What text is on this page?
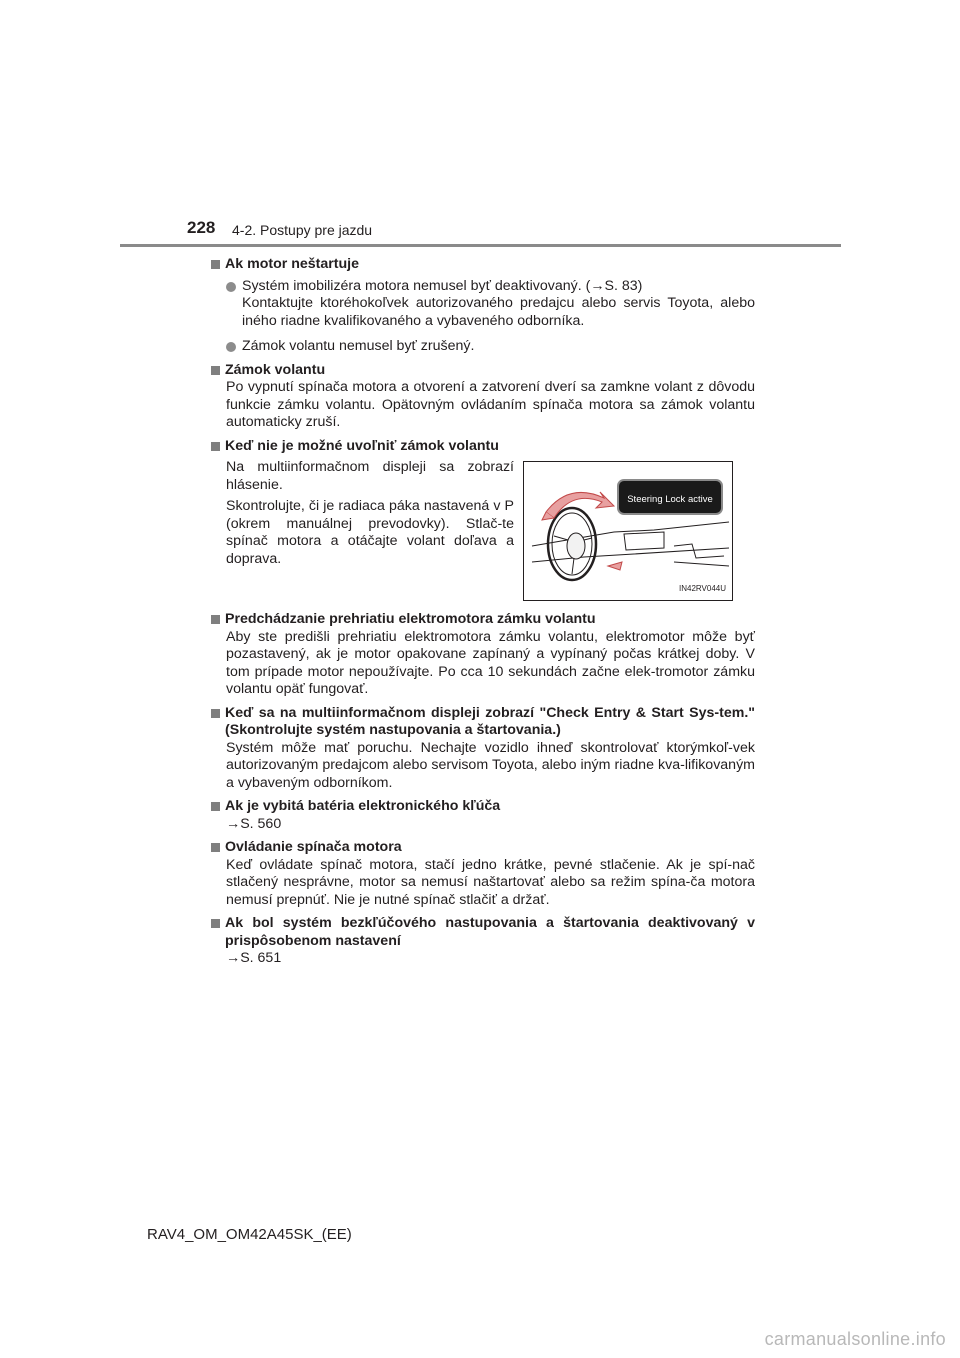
228 4-2. Postupy pre jazdu
Ak motor neštartuje
Systém imobilizéra motora nemusel byť deaktivovaný. (→S. 83)
Kontaktujte ktoréhokoľvek autorizovaného predajcu alebo servis Toyota, alebo iného riadne kvalifikovaného a vybaveného odborníka.
Zámok volantu nemusel byť zrušený.
Zámok volantu
Po vypnutí spínača motora a otvorení a zatvorení dverí sa zamkne volant z dôvodu funkcie zámku volantu. Opätovným ovládaním spínača motora sa zámok volantu automaticky zruší.
Keď nie je možné uvoľniť zámok volantu
Na multiinformačnom displeji sa zobrazí hlásenie.
Skontrolujte, či je radiaca páka nastavená v P (okrem manuálnej prevodovky). Stlač-te spínač motora a otáčajte volant doľava a doprava.
Steering Lock active
IN42RV044U
Predchádzanie prehriatiu elektromotora zámku volantu
Aby ste predišli prehriatiu elektromotora zámku volantu, elektromotor môže byť pozastavený, ak je motor opakovane zapínaný a vypínaný počas krátkej doby. V tom prípade motor nepoužívajte. Po cca 10 sekundách začne elek-tromotor zámku volantu opäť fungovať.
Keď sa na multiinformačnom displeji zobrazí "Check Entry & Start Sys-tem." (Skontrolujte systém nastupovania a štartovania.)
Systém môže mať poruchu. Nechajte vozidlo ihneď skontrolovať ktorýmkoľ-vek autorizovaným predajcom alebo servisom Toyota, alebo iným riadne kva-lifikovaným a vybaveným odborníkom.
Ak je vybitá batéria elektronického kľúča
→S. 560
Ovládanie spínača motora
Keď ovládate spínač motora, stačí jedno krátke, pevné stlačenie. Ak je spí-nač stlačený nesprávne, motor sa nemusí naštartovať alebo sa režim spína-ča motora nemusí prepnúť. Nie je nutné spínač stlačiť a držať.
Ak bol systém bezkľúčového nastupovania a štartovania deaktivovaný v prispôsobenom nastavení
→S. 651
RAV4_OM_OM42A45SK_(EE)
carmanualsonline.info
